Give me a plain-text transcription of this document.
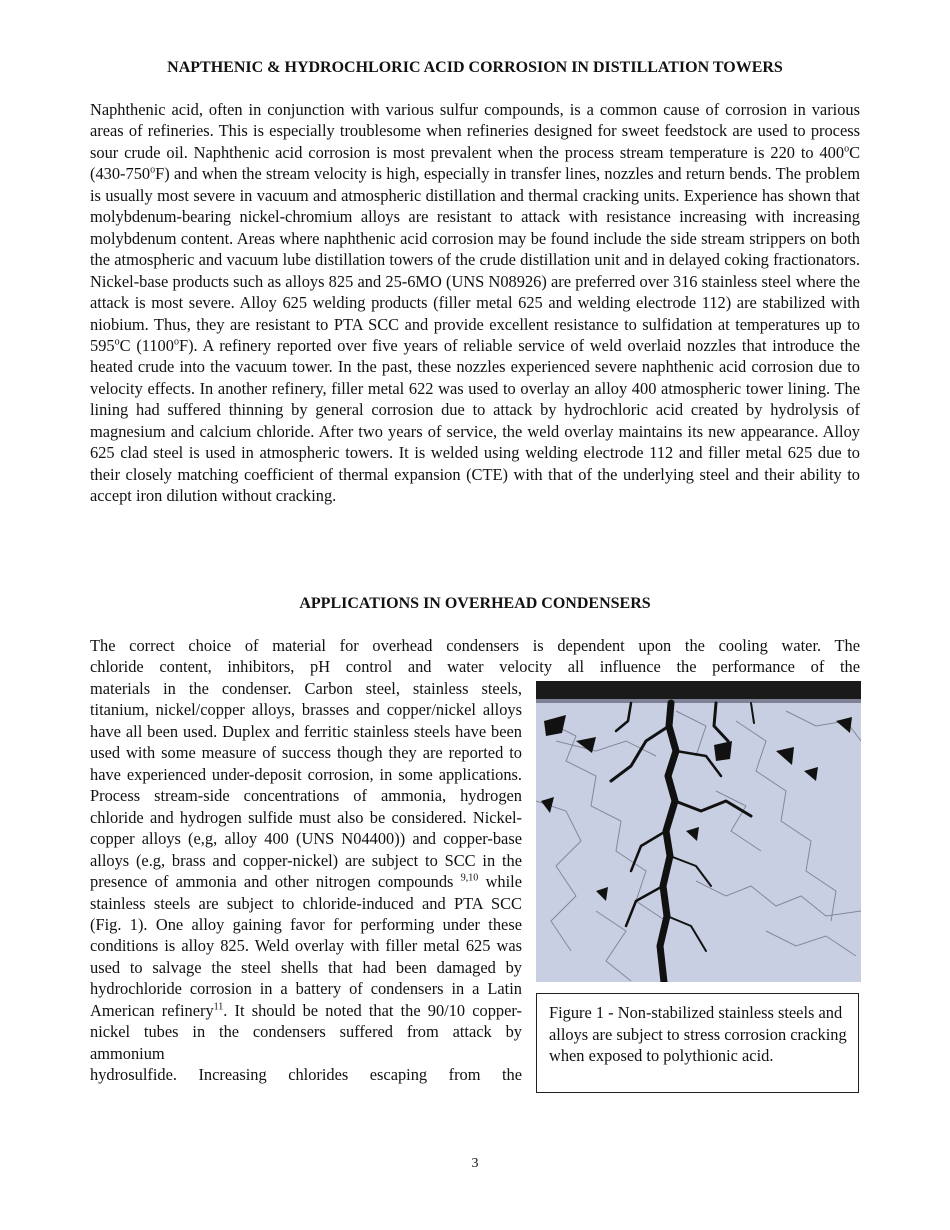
NAPTHENIC & HYDROCHLORIC ACID CORROSION IN DISTILLATION TOWERS

Naphthenic acid, often in conjunction with various sulfur compounds, is a common cause of corrosion in various areas of refineries. This is especially troublesome when refineries designed for sweet feedstock are used to process sour crude oil. Naphthenic acid corrosion is most prevalent when the process stream temperature is 220 to 400$^o$C (430-750$^o$F) and when the stream velocity is high, especially in transfer lines, nozzles and return bends. The problem is usually most severe in vacuum and atmospheric distillation and thermal cracking units. Experience has shown that molybdenum-bearing nickel-chromium alloys are resistant to attack with resistance increasing with increasing molybdenum content. Areas where naphthenic acid corrosion may be found include the side stream strippers on both the atmospheric and vacuum lube distillation towers of the crude distillation unit and in delayed coking fractionators. Nickel-base products such as alloys 825 and 25-6MO (UNS N08926) are preferred over 316 stainless steel where the attack is most severe. Alloy 625 welding products (filler metal 625 and welding electrode 112) are stabilized with niobium. Thus, they are resistant to PTA SCC and provide excellent resistance to sulfidation at temperatures up to 595$^o$C (1100$^o$F). A refinery reported over five years of reliable service of weld overlaid nozzles that introduce the heated crude into the vacuum tower. In the past, these nozzles experienced severe naphthenic acid corrosion due to velocity effects. In another refinery, filler metal 622 was used to overlay an alloy 400 atmospheric tower lining. The lining had suffered thinning by general corrosion due to attack by hydrochloric acid created by hydrolysis of magnesium and calcium chloride. After two years of service, the weld overlay maintains its new appearance. Alloy 625 clad steel is used in atmospheric towers. It is welded using welding electrode 112 and filler metal 625 due to their closely matching coefficient of thermal expansion (CTE) with that of the underlying steel and their ability to accept iron dilution without cracking.

APPLICATIONS IN OVERHEAD CONDENSERS

The correct choice of material for overhead condensers is dependent upon the cooling water. The
chloride content, inhibitors, pH control and water velocity all influence the performance of the

materials in the condenser. Carbon steel, stainless steels, titanium, nickel/copper alloys, brasses and copper/nickel alloys have all been used. Duplex and ferritic stainless steels have been used with some measure of success though they are reported to have experienced under-deposit corrosion, in some applications. Process stream-side concentrations of ammonia, hydrogen chloride and hydrogen sulfide must also be considered. Nickel-copper alloys (e,g, alloy 400 (UNS N04400)) and copper-base alloys (e.g, brass and copper-nickel) are subject to SCC in the presence of ammonia and other nitrogen compounds $^{9,10}$ while stainless steels are subject to chloride-induced and PTA SCC (Fig. 1). One alloy gaining favor for performing under these conditions is alloy 825. Weld overlay with filler metal 625 was used to salvage the steel shells that had been damaged by hydrochloride corrosion in a battery of condensers in a Latin American refinery$^{11}$. It should be noted that the 90/10 copper-nickel tubes in the condensers suffered from attack by ammonium
hydrosulfide. Increasing chlorides escaping from the

Figure 1 - Non-stabilized stainless steels and alloys are subject to stress corrosion cracking when exposed to polythionic acid.
3
